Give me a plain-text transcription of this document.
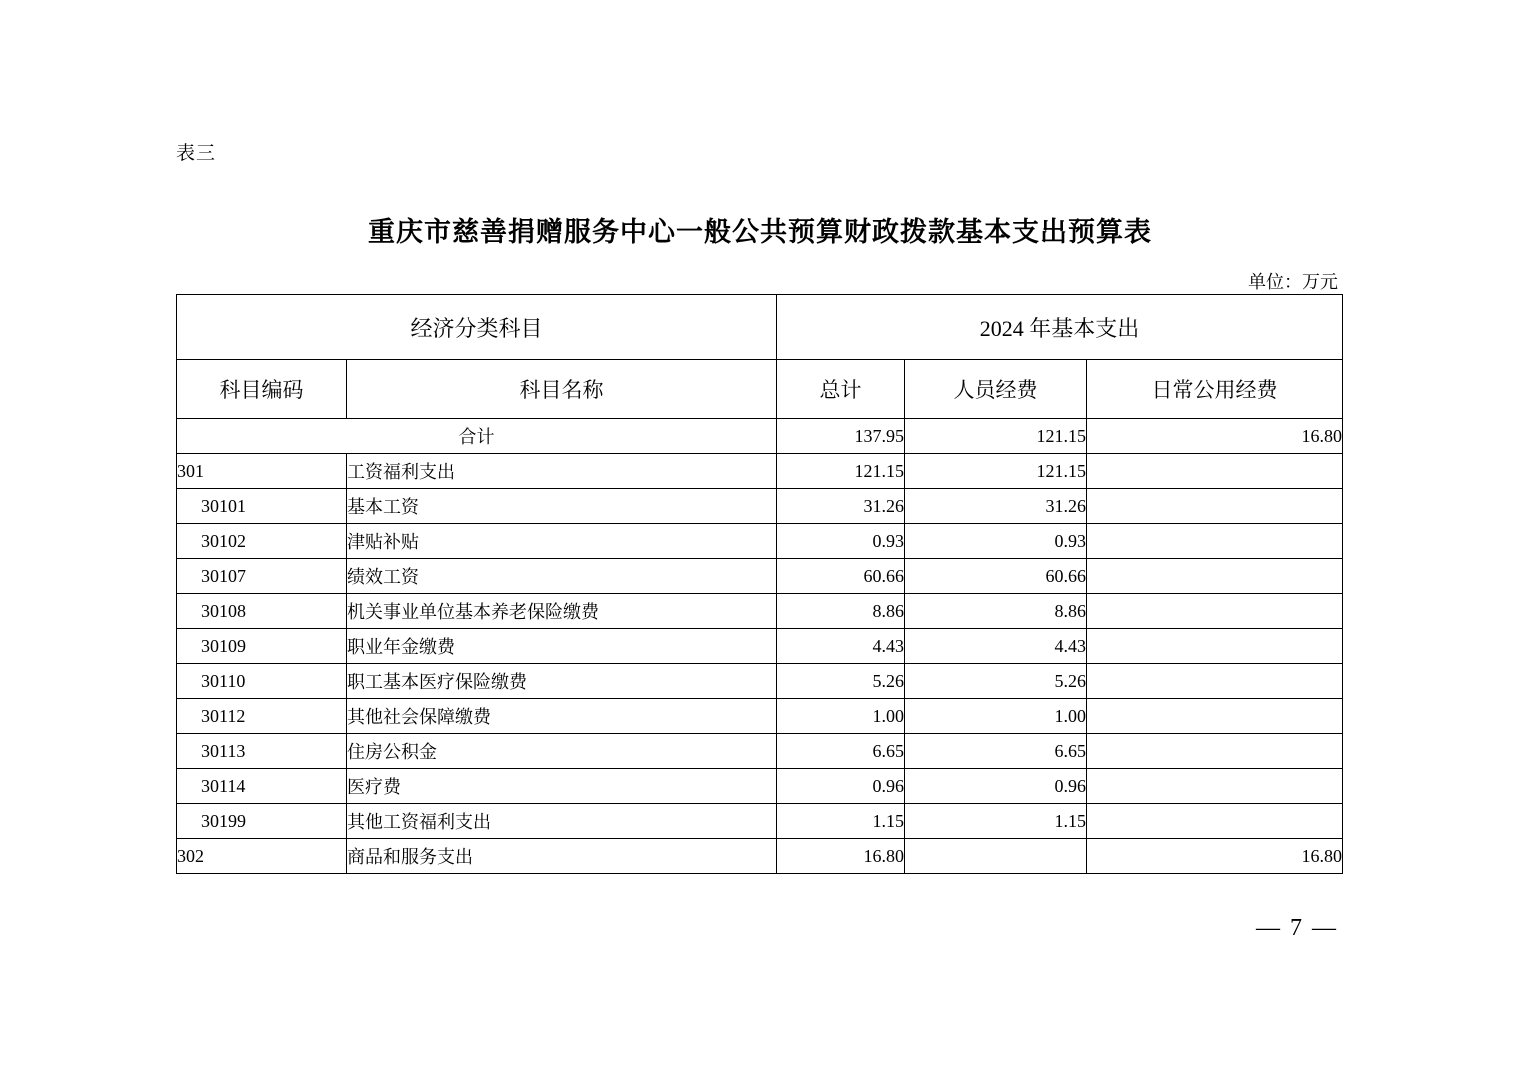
表三
重庆市慈善捐赠服务中心一般公共预算财政拨款基本支出预算表
单位：万元
经济分类科目		2024 年基本支出		
科目编码	科目名称	总计	人员经费	日常公用经费
合计		137.95	121.15	16.80
301	工资福利支出	121.15	121.15	
30101	基本工资	31.26	31.26	
30102	津贴补贴	0.93	0.93	
30107	绩效工资	60.66	60.66	
30108	机关事业单位基本养老保险缴费	8.86	8.86	
30109	职业年金缴费	4.43	4.43	
30110	职工基本医疗保险缴费	5.26	5.26	
30112	其他社会保障缴费	1.00	1.00	
30113	住房公积金	6.65	6.65	
30114	医疗费	0.96	0.96	
30199	其他工资福利支出	1.15	1.15	
302	商品和服务支出	16.80		16.80
— 7 —
